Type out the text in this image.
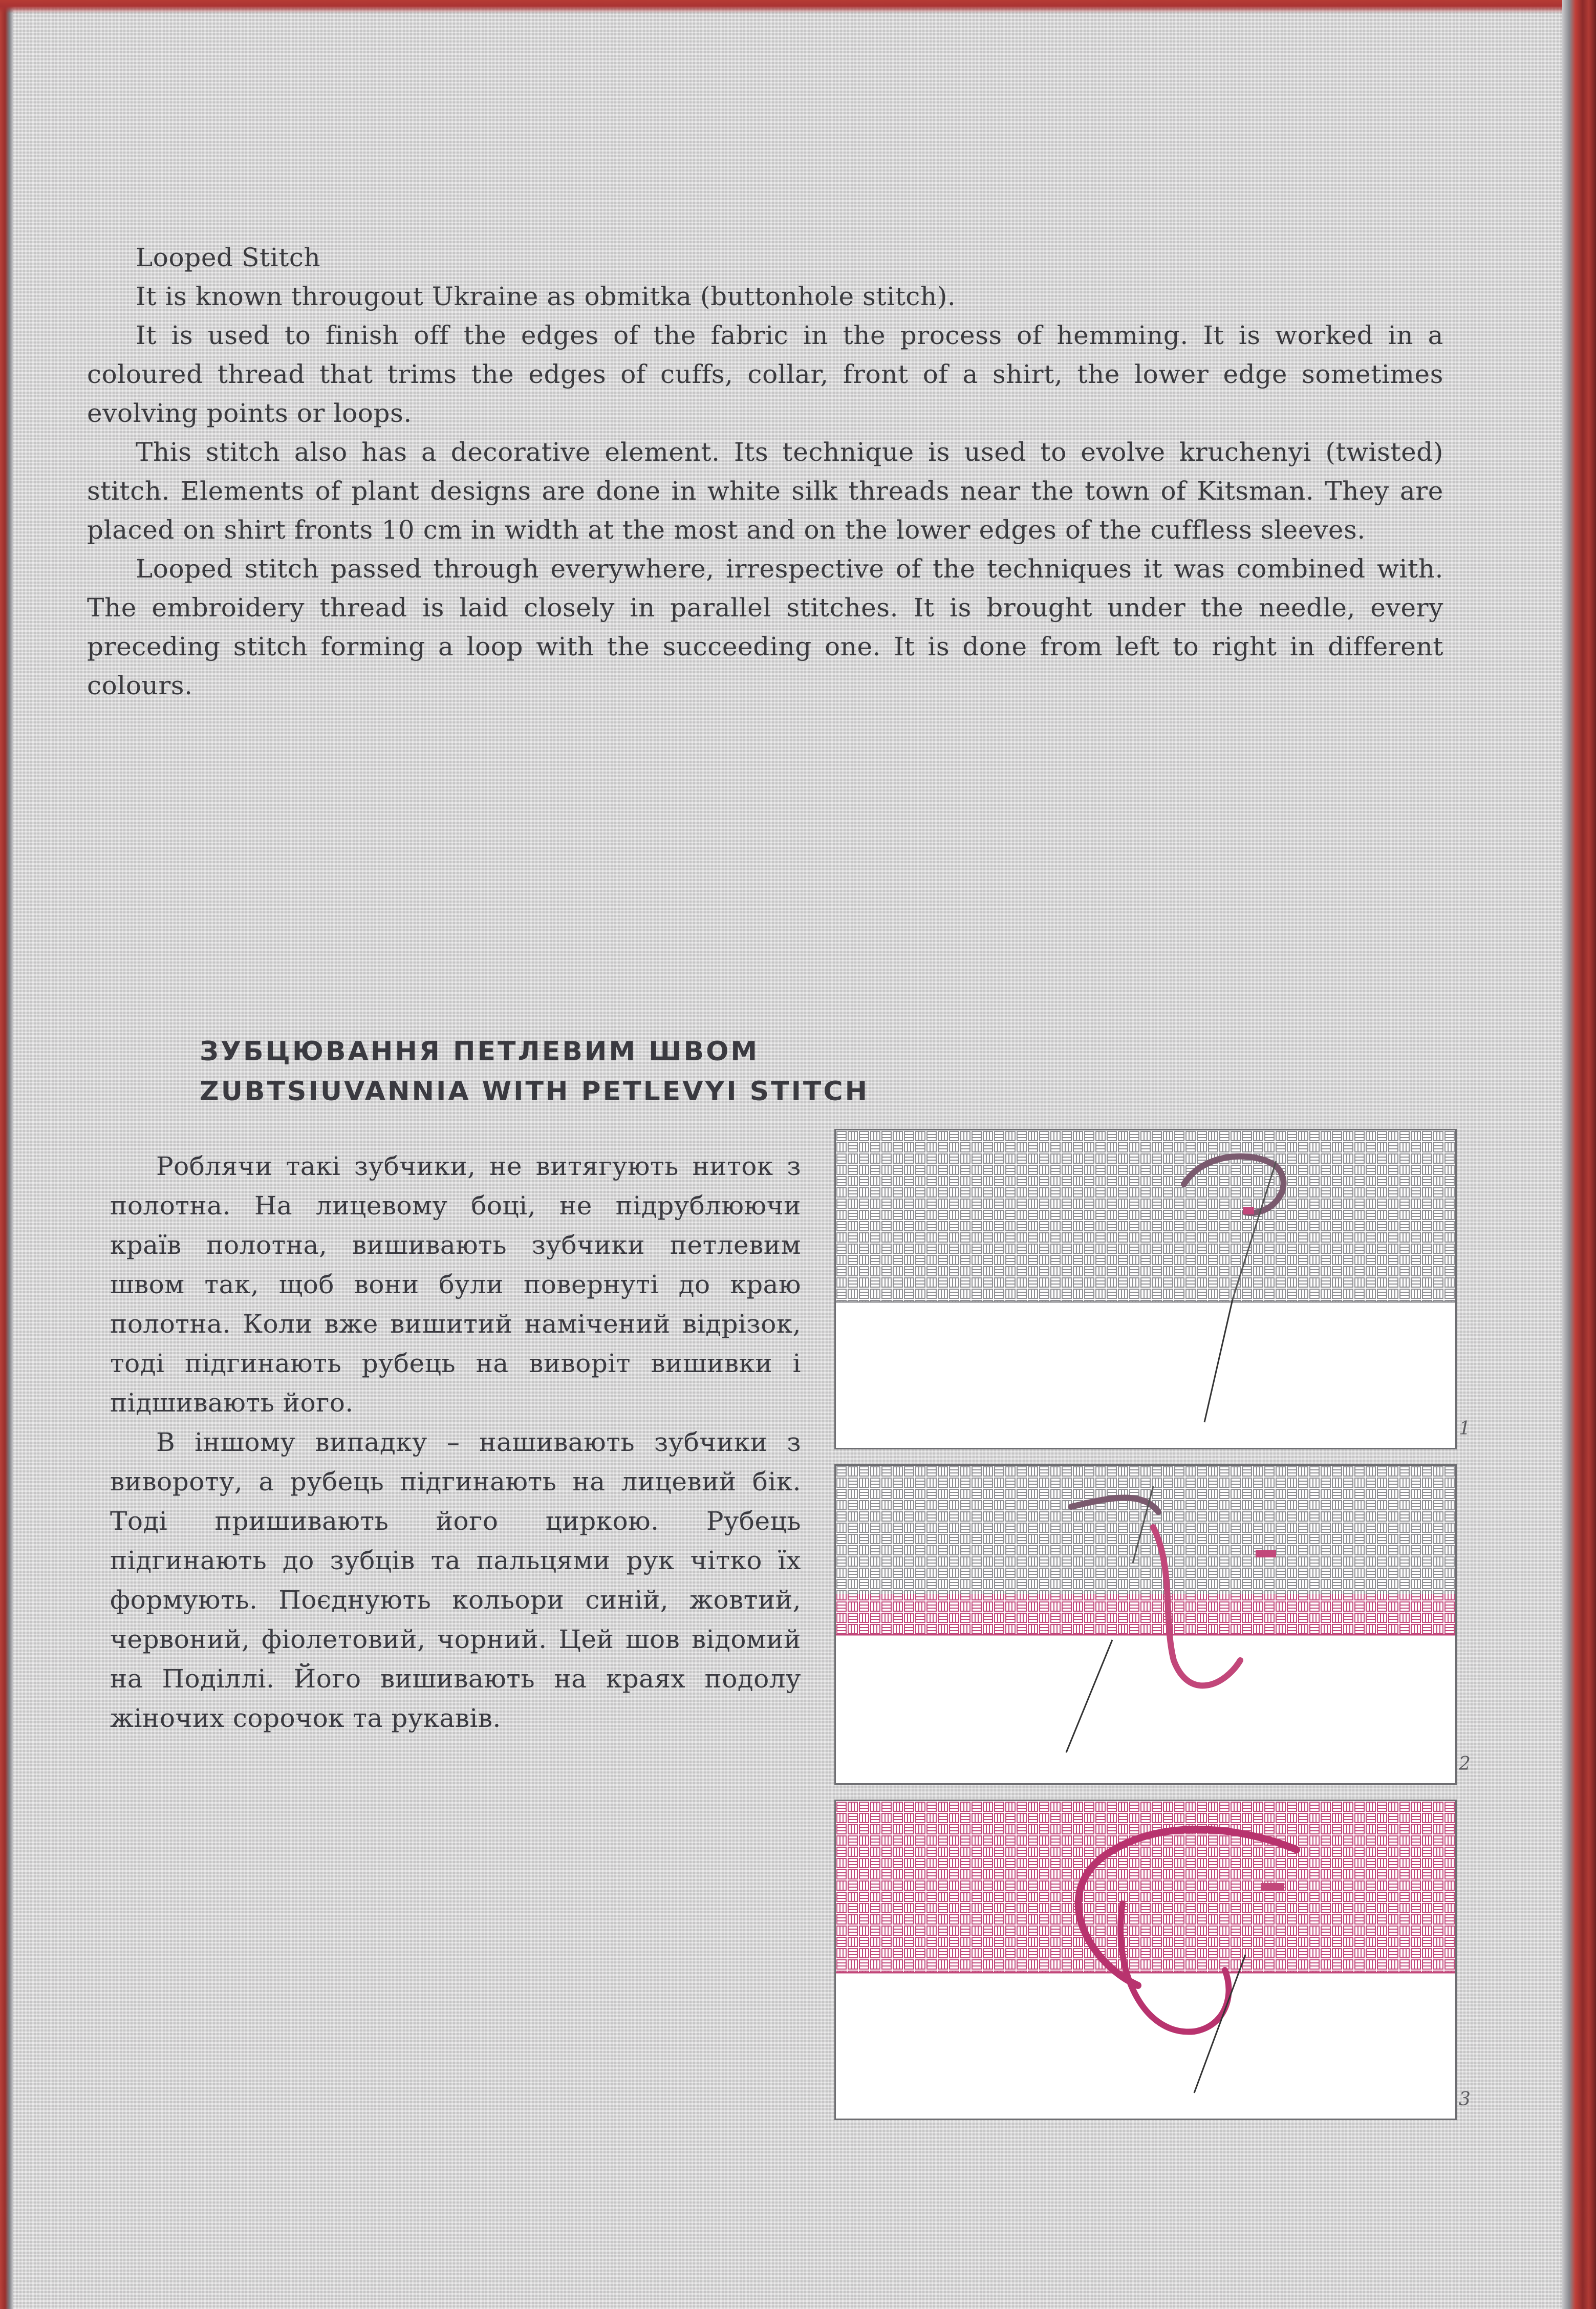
Looped Stitch

It is known througout Ukraine as obmitka (buttonhole stitch).

It is used to finish off the edges of the fabric in the process of hemming. It is worked in a coloured thread that trims the edges of cuffs, collar, front of a shirt, the lower edge sometimes evolving points or loops.

This stitch also has a decorative element. Its technique is used to evolve kruchenyi (twisted) stitch. Elements of plant designs are done in white silk threads near the town of Kitsman. They are placed on shirt fronts 10 cm in width at the most and on the lower edges of the cuffless sleeves.

Looped stitch passed through everywhere, irrespective of the techniques it was combined with. The embroidery thread is laid closely in parallel stitches. It is brought under the needle, every preceding stitch forming a loop with the succeeding one. It is done from left to right in different colours.

ЗУБЦЮВАННЯ ПЕТЛЕВИМ ШВОМ
ZUBTSIUVANNIA WITH PETLEVYI STITCH

Роблячи такі зубчики, не витягують ниток з полотна. На лицевому боці, не підрублюючи країв полотна, вишивають зубчики петлевим швом так, щоб вони були повернуті до краю полотна. Коли вже вишитий намічений відрізок, тоді підгинають рубець на виворіт вишивки і підшивають його.

В іншому випадку – нашивають зубчики з вивороту, а рубець підгинають на лицевий бік. Тоді пришивають його циркою. Рубець підгинають до зубців та пальцями рук чітко їх формують. Поєднують кольори синій, жовтий, червоний, фіолетовий, чорний. Цей шов відомий на Поділлі. Його вишивають на краях подолу жіночих сорочок та рукавів.

1
2
3
